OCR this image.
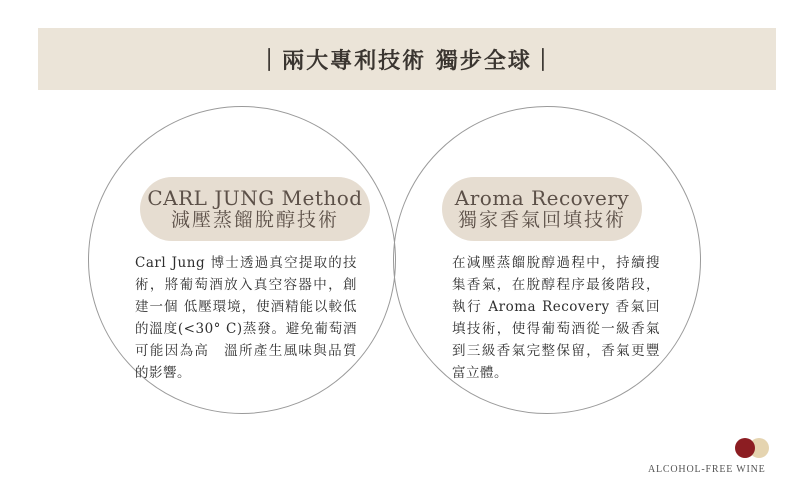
｜兩大專利技術 獨步全球｜
CARL JUNG Method
減壓蒸餾脫醇技術
Aroma Recovery
獨家香氣回填技術
Carl Jung 博士透過真空提取的技術，將葡萄酒放入真空容器中，創建一個 低壓環境，使酒精能以較低的溫度(<30° C)蒸發。避免葡萄酒可能因為高　溫所產生風味與品質的影響。
在減壓蒸餾脫醇過程中，持續搜集香氣，在脫醇程序最後階段，執行 Aroma Recovery 香氣回填技術，使得葡萄酒從一級香氣到三級香氣完整保留，香氣更豐富立體。
ALCOHOL-FREE WINE
